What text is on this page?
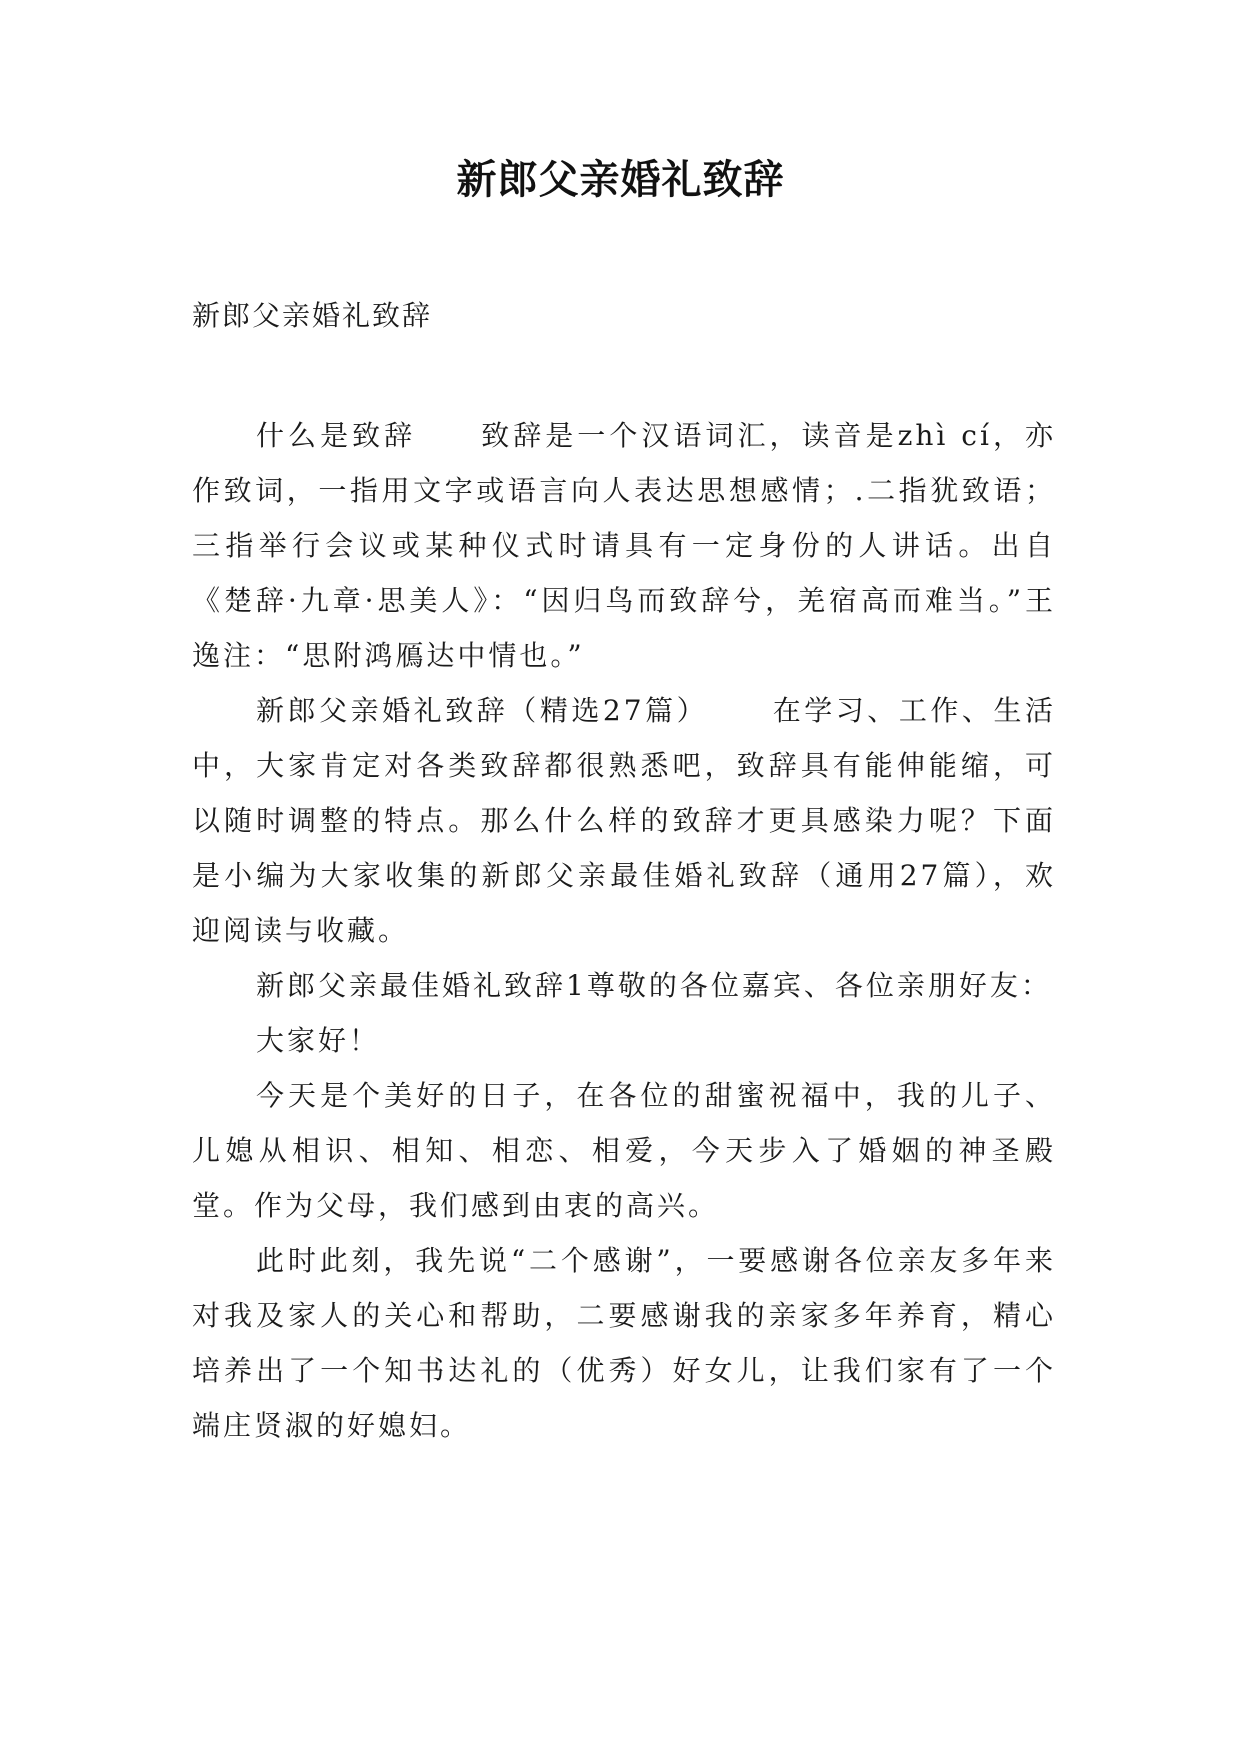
新郎父亲婚礼致辞
新郎父亲婚礼致辞

什么是致辞 致辞是一个汉语词汇，读音是zhì cí，亦作致词，一指用文字或语言向人表达思想感情；.二指犹致语；三指举行会议或某种仪式时请具有一定身份的人讲话。出自《楚辞·九章·思美人》：“因归鸟而致辞兮，羌宿高而难当。”王逸注：“思附鸿鴈达中情也。”

新郎父亲婚礼致辞（精选27篇） 在学习、工作、生活中，大家肯定对各类致辞都很熟悉吧，致辞具有能伸能缩，可以随时调整的特点。那么什么样的致辞才更具感染力呢？下面是小编为大家收集的新郎父亲最佳婚礼致辞（通用27篇），欢迎阅读与收藏。

新郎父亲最佳婚礼致辞1尊敬的各位嘉宾、各位亲朋好友：

大家好！

今天是个美好的日子，在各位的甜蜜祝福中，我的儿子、儿媳从相识、相知、相恋、相爱，今天步入了婚姻的神圣殿堂。作为父母，我们感到由衷的高兴。

此时此刻，我先说“二个感谢”，一要感谢各位亲友多年来对我及家人的关心和帮助，二要感谢我的亲家多年养育，精心培养出了一个知书达礼的（优秀）好女儿，让我们家有了一个端庄贤淑的好媳妇。
